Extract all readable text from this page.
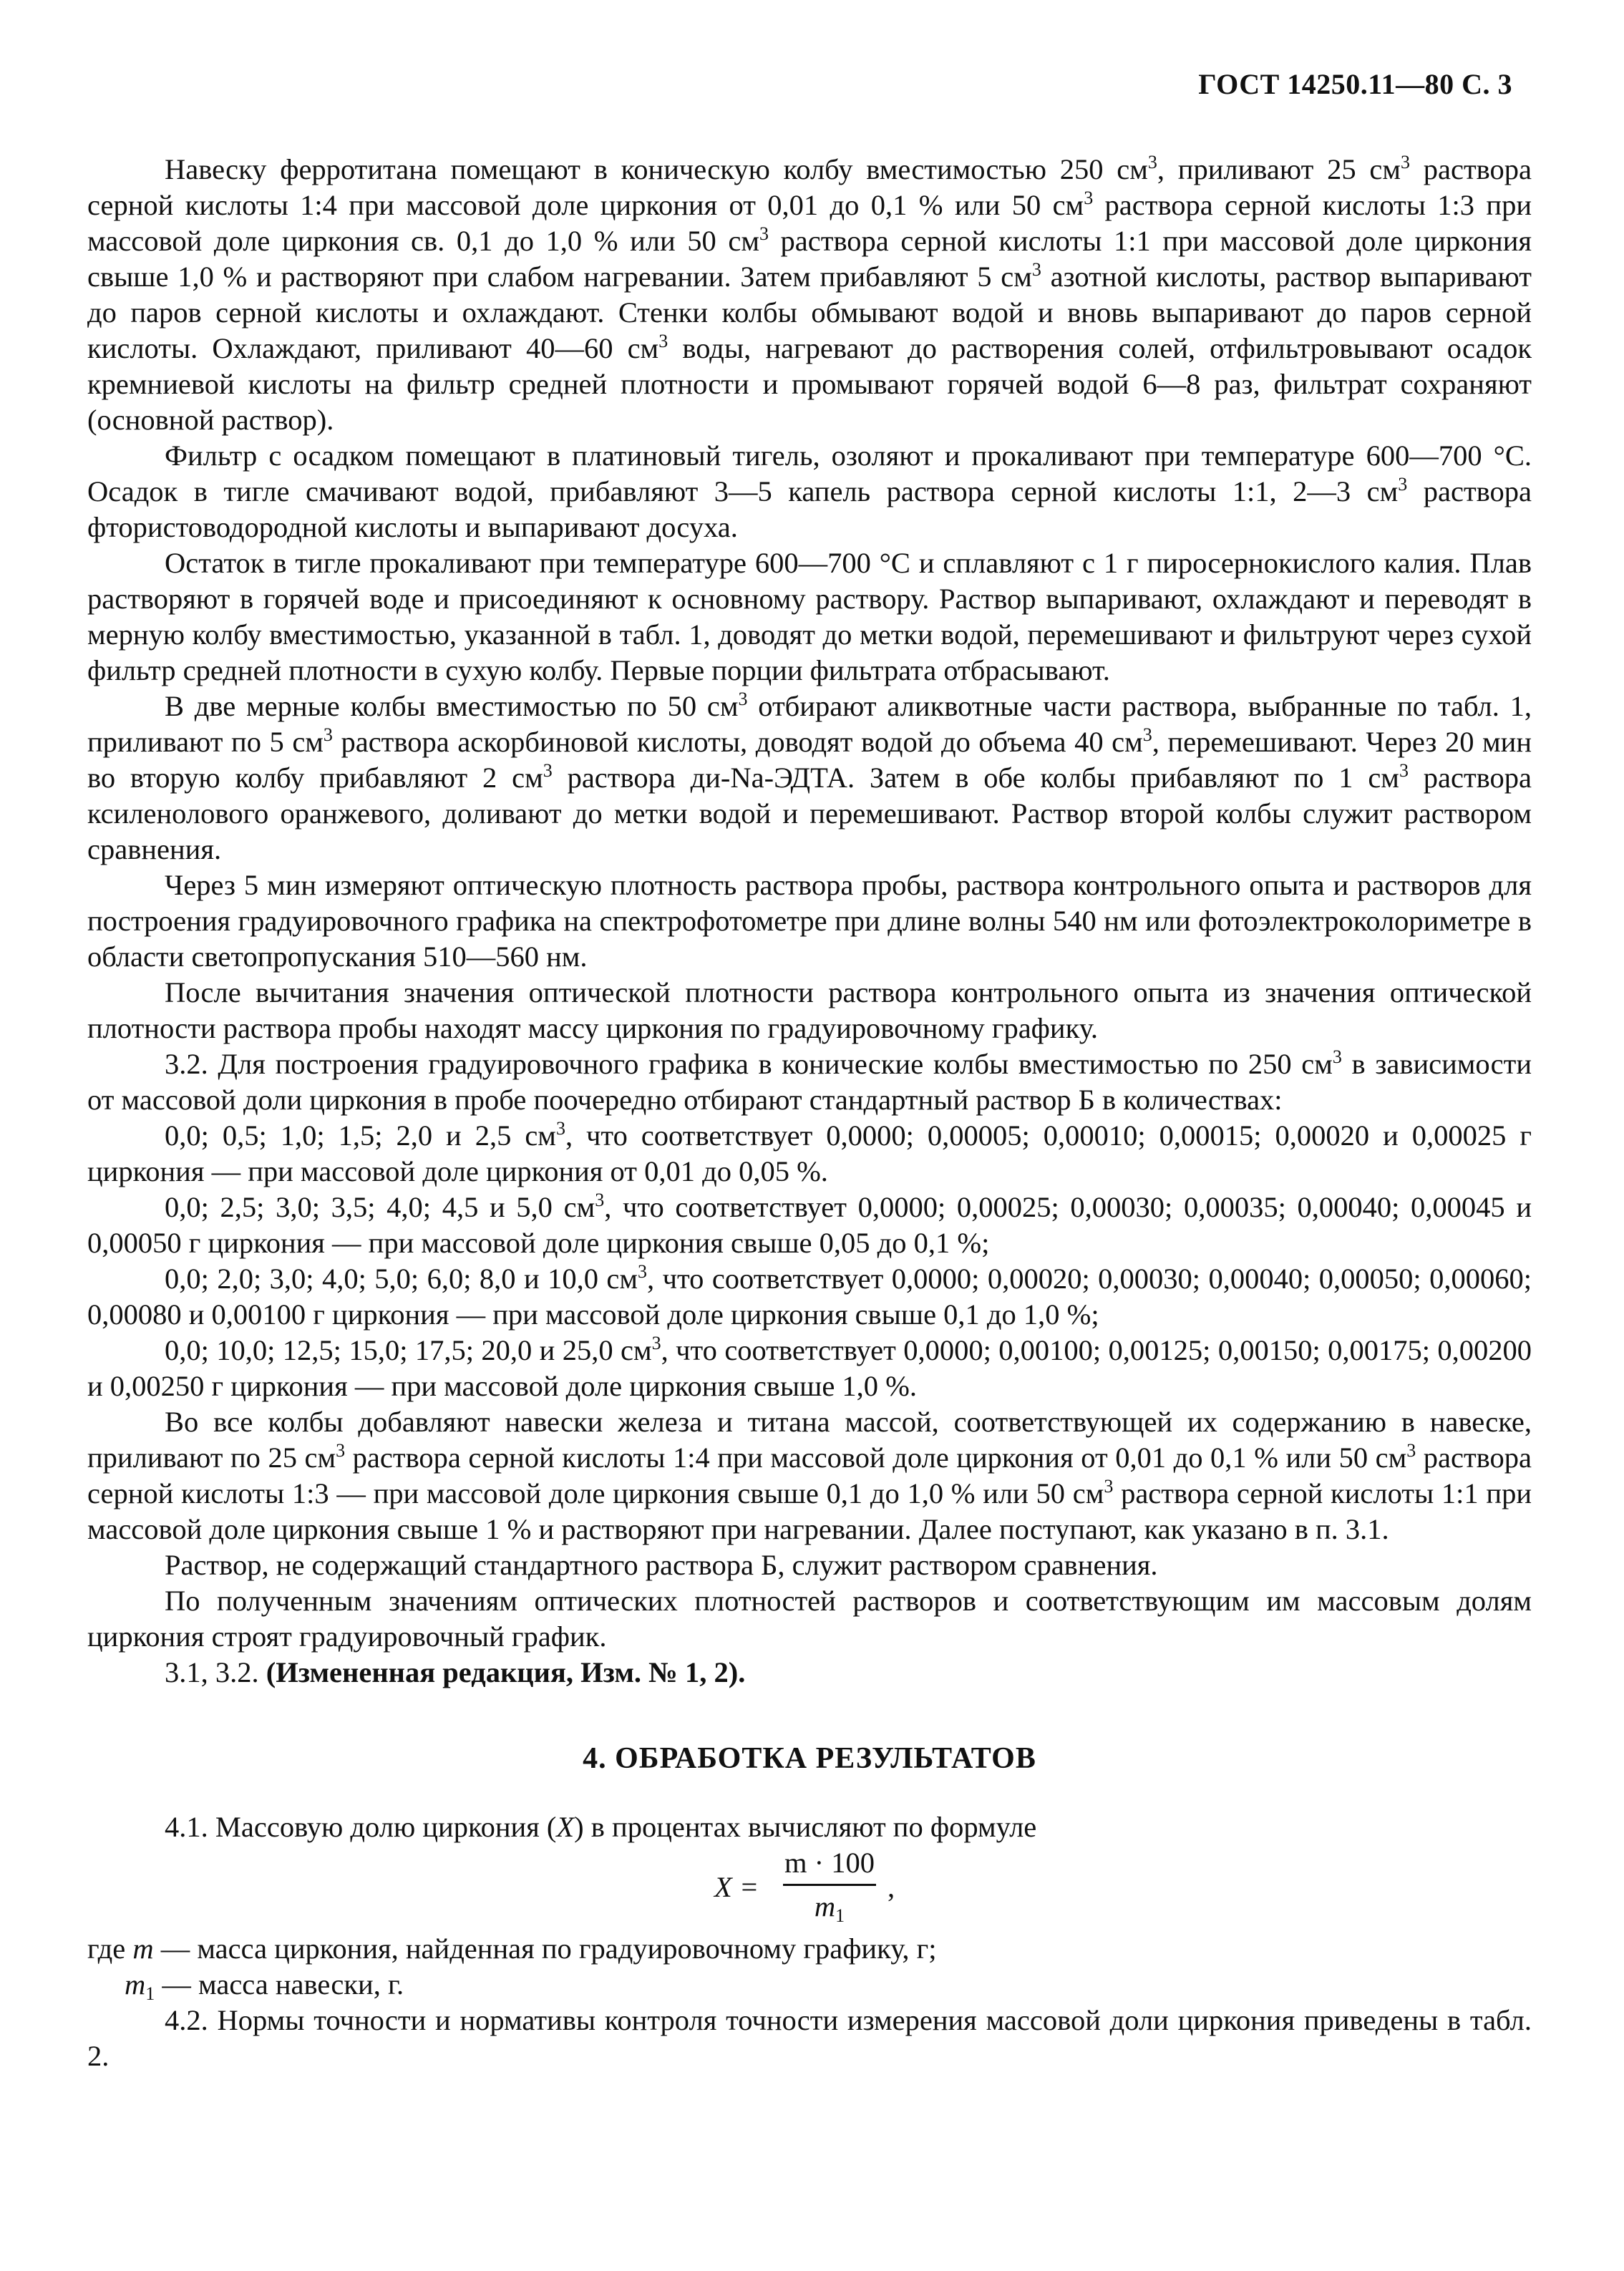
ГОСТ 14250.11—80 С. 3

Навеску ферротитана помещают в коническую колбу вместимостью 250 $см^3$, приливают 25 $см^3$ раствора серной кислоты 1:4 при массовой доле циркония от 0,01 до 0,1 % или 50 $см^3$ раствора серной кислоты 1:3 при массовой доле циркония св. 0,1 до 1,0 % или 50 $см^3$ раствора серной кислоты 1:1 при массовой доле циркония свыше 1,0 % и растворяют при слабом нагревании. Затем прибавляют 5 $см^3$ азотной кислоты, раствор выпаривают до паров серной кислоты и охлаждают. Стенки колбы обмывают водой и вновь выпаривают до паров серной кислоты. Охлаждают, приливают 40—60 $см^3$ воды, нагревают до растворения солей, отфильтровывают осадок кремниевой кислоты на фильтр средней плотности и промывают горячей водой 6—8 раз, фильтрат сохраняют (основной раствор).

Фильтр с осадком помещают в платиновый тигель, озоляют и прокаливают при температуре 600—700 °С. Осадок в тигле смачивают водой, прибавляют 3—5 капель раствора серной кислоты 1:1, 2—3 $см^3$ раствора фтористоводородной кислоты и выпаривают досуха.

Остаток в тигле прокаливают при температуре 600—700 °С и сплавляют с 1 г пиросернокислого калия. Плав растворяют в горячей воде и присоединяют к основному раствору. Раствор выпаривают, охлаждают и переводят в мерную колбу вместимостью, указанной в табл. 1, доводят до метки водой, перемешивают и фильтруют через сухой фильтр средней плотности в сухую колбу. Первые порции фильтрата отбрасывают.

В две мерные колбы вместимостью по 50 $см^3$ отбирают аликвотные части раствора, выбранные по табл. 1, приливают по 5 $см^3$ раствора аскорбиновой кислоты, доводят водой до объема 40 $см^3$, перемешивают. Через 20 мин во вторую колбу прибавляют 2 $см^3$ раствора ди-Na-ЭДТА. Затем в обе колбы прибавляют по 1 $см^3$ раствора ксиленолового оранжевого, доливают до метки водой и перемешивают. Раствор второй колбы служит раствором сравнения.

Через 5 мин измеряют оптическую плотность раствора пробы, раствора контрольного опыта и растворов для построения градуировочного графика на спектрофотометре при длине волны 540 нм или фотоэлектроколориметре в области светопропускания 510—560 нм.

После вычитания значения оптической плотности раствора контрольного опыта из значения оптической плотности раствора пробы находят массу циркония по градуировочному графику.

3.2. Для построения градуировочного графика в конические колбы вместимостью по 250 $см^3$ в зависимости от массовой доли циркония в пробе поочередно отбирают стандартный раствор Б в количествах:

0,0; 0,5; 1,0; 1,5; 2,0 и 2,5 $см^3$, что соответствует 0,0000; 0,00005; 0,00010; 0,00015; 0,00020 и 0,00025 г циркония — при массовой доле циркония от 0,01 до 0,05 %.

0,0; 2,5; 3,0; 3,5; 4,0; 4,5 и 5,0 $см^3$, что соответствует 0,0000; 0,00025; 0,00030; 0,00035; 0,00040; 0,00045 и 0,00050 г циркония — при массовой доле циркония свыше 0,05 до 0,1 %;

0,0; 2,0; 3,0; 4,0; 5,0; 6,0; 8,0 и 10,0 $см^3$, что соответствует 0,0000; 0,00020; 0,00030; 0,00040; 0,00050; 0,00060; 0,00080 и 0,00100 г циркония — при массовой доле циркония свыше 0,1 до 1,0 %;

0,0; 10,0; 12,5; 15,0; 17,5; 20,0 и 25,0 $см^3$, что соответствует 0,0000; 0,00100; 0,00125; 0,00150; 0,00175; 0,00200 и 0,00250 г циркония — при массовой доле циркония свыше 1,0 %.

Во все колбы добавляют навески железа и титана массой, соответствующей их содержанию в навеске, приливают по 25 $см^3$ раствора серной кислоты 1:4 при массовой доле циркония от 0,01 до 0,1 % или 50 $см^3$ раствора серной кислоты 1:3 — при массовой доле циркония свыше 0,1 до 1,0 % или 50 $см^3$ раствора серной кислоты 1:1 при массовой доле циркония свыше 1 % и растворяют при нагревании. Далее поступают, как указано в п. 3.1.

Раствор, не содержащий стандартного раствора Б, служит раствором сравнения.

По полученным значениям оптических плотностей растворов и соответствующим им массовым долям циркония строят градуировочный график.

3.1, 3.2. (Измененная редакция, Изм. № 1, 2).

4. ОБРАБОТКА РЕЗУЛЬТАТОВ

4.1. Массовую долю циркония (X) в процентах вычисляют по формуле

X =
m · 100
$m_1$
,

где m — масса циркония, найденная по градуировочному графику, г;

$m_1$ — масса навески, г.

4.2. Нормы точности и нормативы контроля точности измерения массовой доли циркония приведены в табл. 2.
